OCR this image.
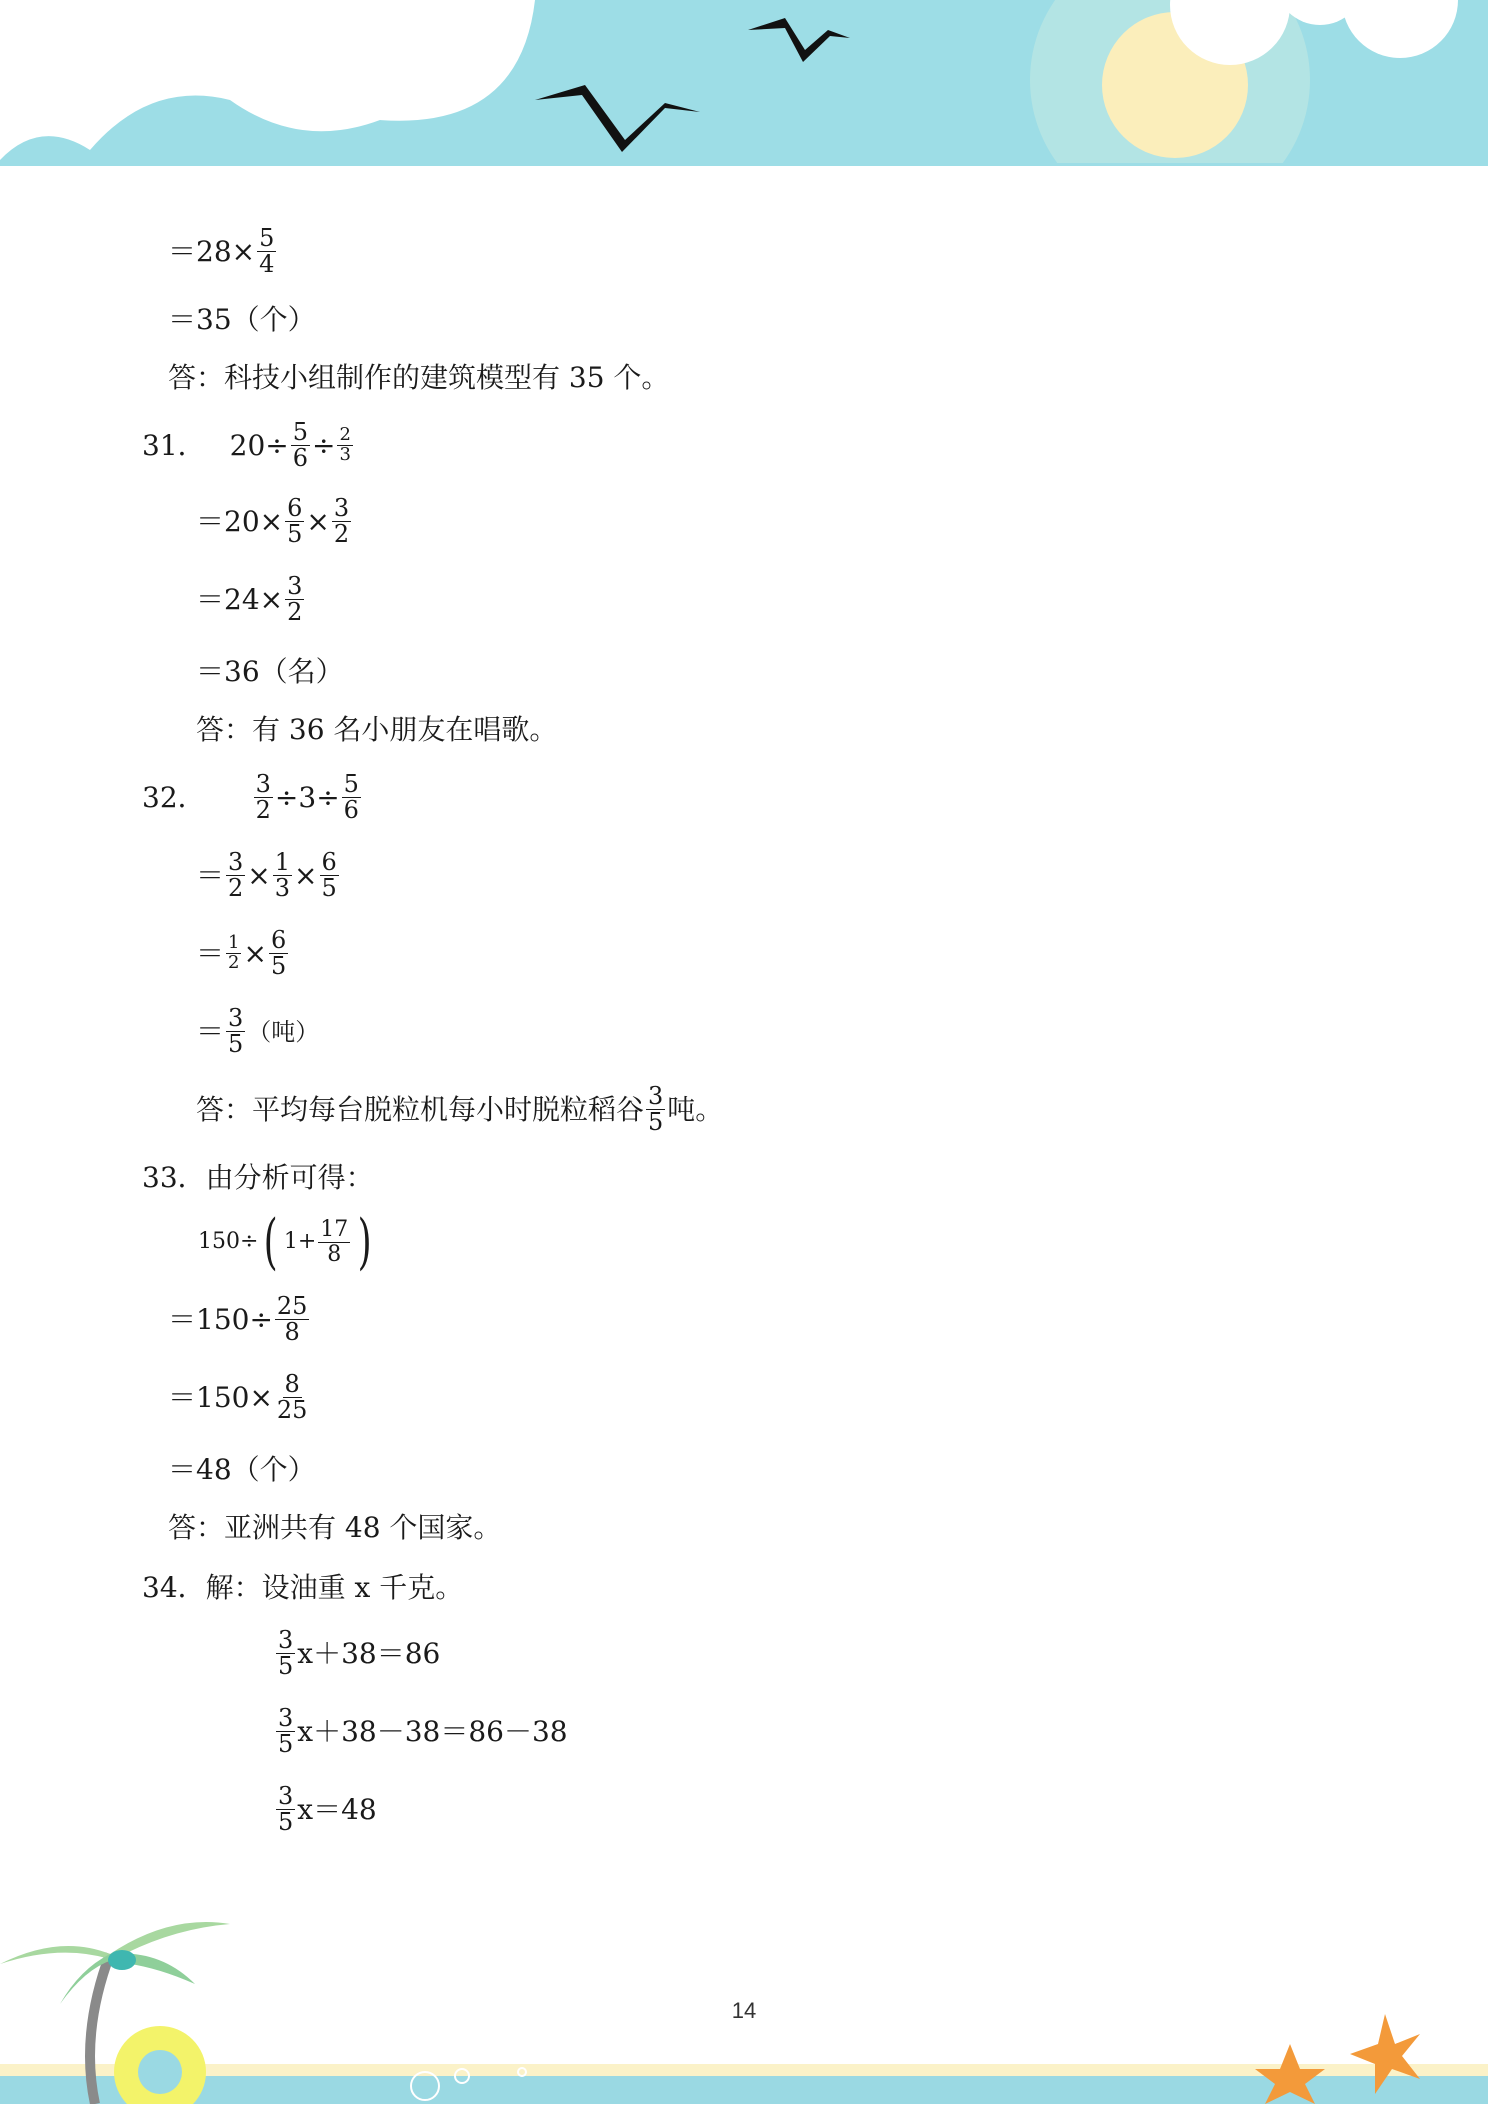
$=28\times \frac{5}{4}$
＝35（个）
答：科技小组制作的建筑模型有 35 个。
31． $20\div \frac{5}{6} \div \frac{2}{3}$
$=20\times \frac{6}{5} \times \frac{3}{2}$
$=24\times \frac{3}{2}$
＝36（名）
答：有 36 名小朋友在唱歌。
32． $\frac{3}{2} \div 3\div \frac{5}{6}$
＝ $\frac{3}{2} \times \frac{1}{3} \times \frac{6}{5}$
＝ $\frac{1}{2} \times \frac{6}{5}$
＝ $\frac{3}{5}$ （吨）
答：平均每台脱粒机每小时脱粒稻谷 $\frac{3}{5}$ 吨。
33．由分析可得：
150÷ ( $1+ \frac{17}{8}$ )
$=150\div \frac{25}{8}$
$=150\times \frac{8}{25}$
＝48（个）
答：亚洲共有 48 个国家。
34．解：设油重 x 千克。
$\frac{3}{5} x+38=86$
$\frac{3}{5} x+38-38=86-38$
$\frac{3}{5} x=48$
14
